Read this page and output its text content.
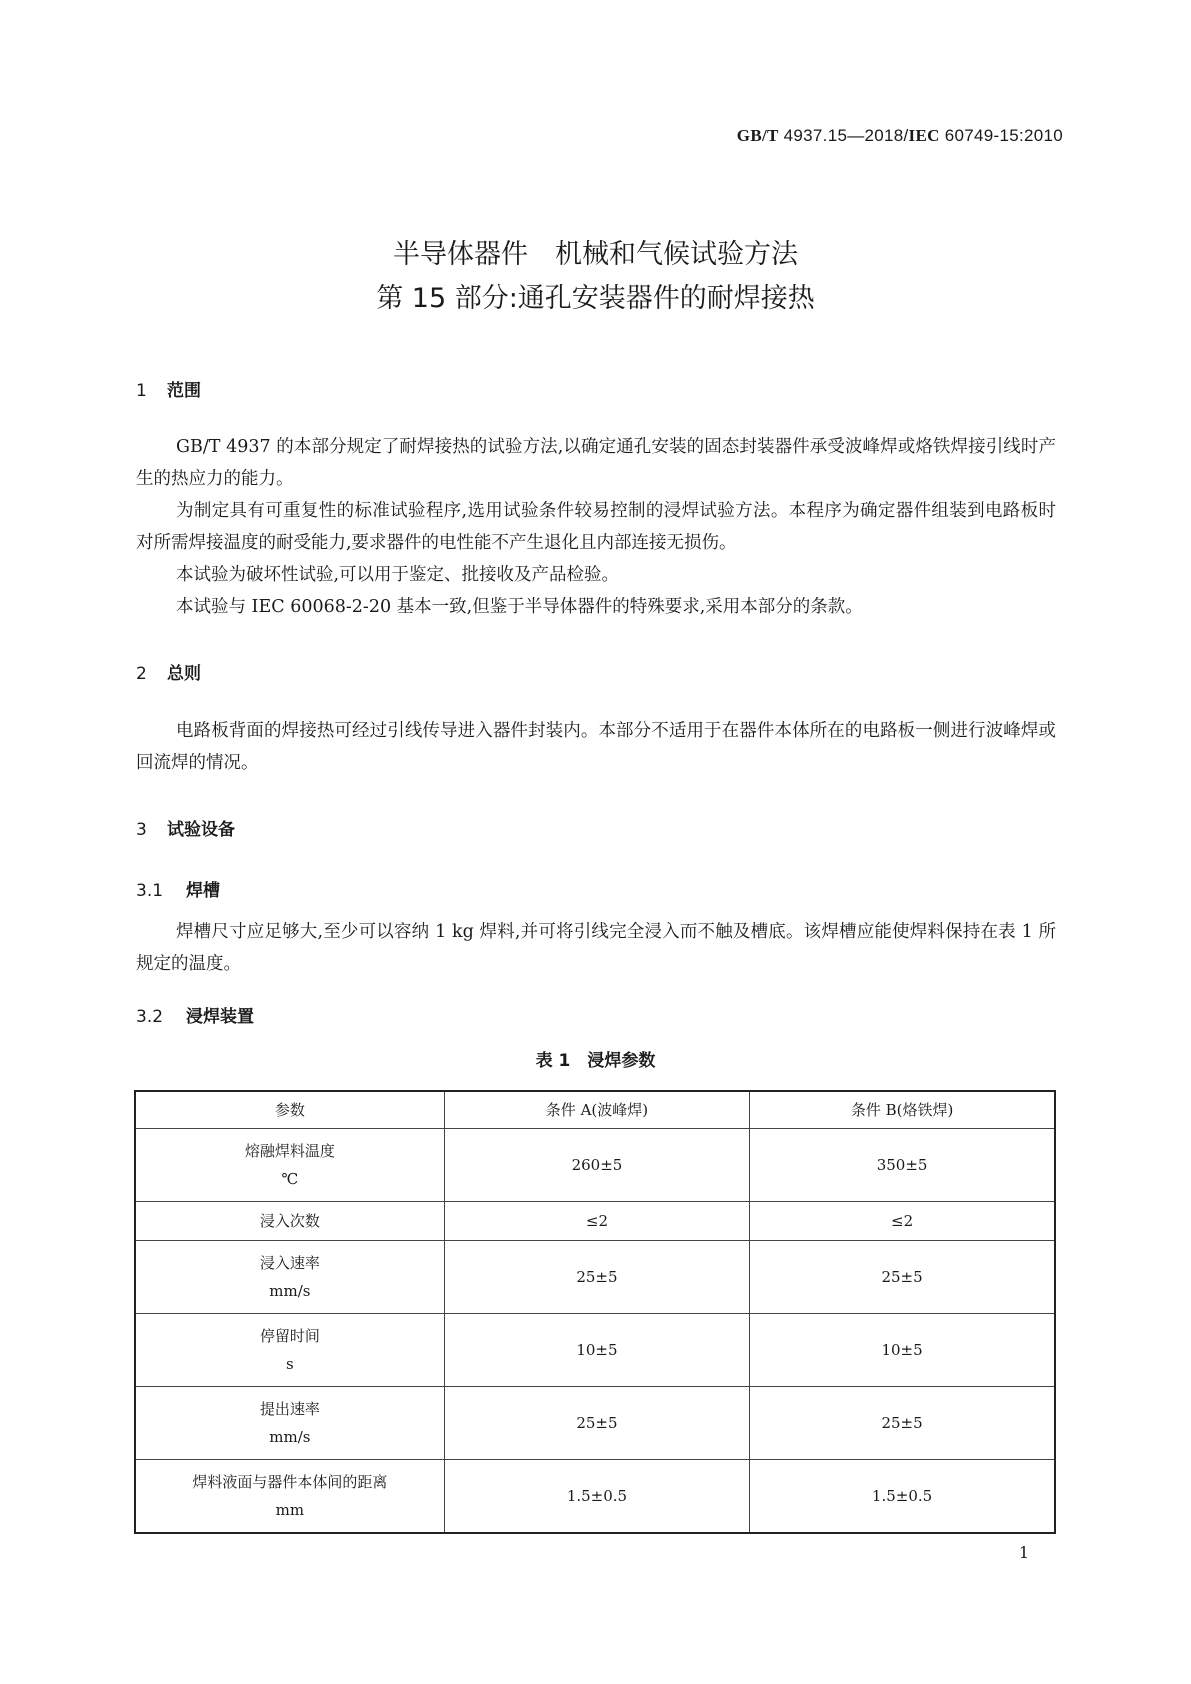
GB/T 4937.15—2018/IEC 60749-15:2010
半导体器件　机械和气候试验方法
第 15 部分:通孔安装器件的耐焊接热
1 范围
GB/T 4937 的本部分规定了耐焊接热的试验方法,以确定通孔安装的固态封装器件承受波峰焊或烙铁焊接引线时产生的热应力的能力。
为制定具有可重复性的标准试验程序,选用试验条件较易控制的浸焊试验方法。本程序为确定器件组装到电路板时对所需焊接温度的耐受能力,要求器件的电性能不产生退化且内部连接无损伤。
本试验为破坏性试验,可以用于鉴定、批接收及产品检验。
本试验与 IEC 60068-2-20 基本一致,但鉴于半导体器件的特殊要求,采用本部分的条款。
2 总则
电路板背面的焊接热可经过引线传导进入器件封装内。本部分不适用于在器件本体所在的电路板一侧进行波峰焊或回流焊的情况。
3 试验设备
3.1 焊槽
焊槽尺寸应足够大,至少可以容纳 1 kg 焊料,并可将引线完全浸入而不触及槽底。该焊槽应能使焊料保持在表 1 所规定的温度。
3.2 浸焊装置
表 1　浸焊参数
参数	条件 A(波峰焊)	条件 B(烙铁焊)

熔融焊料温度
℃	260±5	350±5

浸入次数	≤2	≤2

浸入速率
mm/s	25±5	25±5

停留时间
s	10±5	10±5

提出速率
mm/s	25±5	25±5

焊料液面与器件本体间的距离
mm	1.5±0.5	1.5±0.5
1
